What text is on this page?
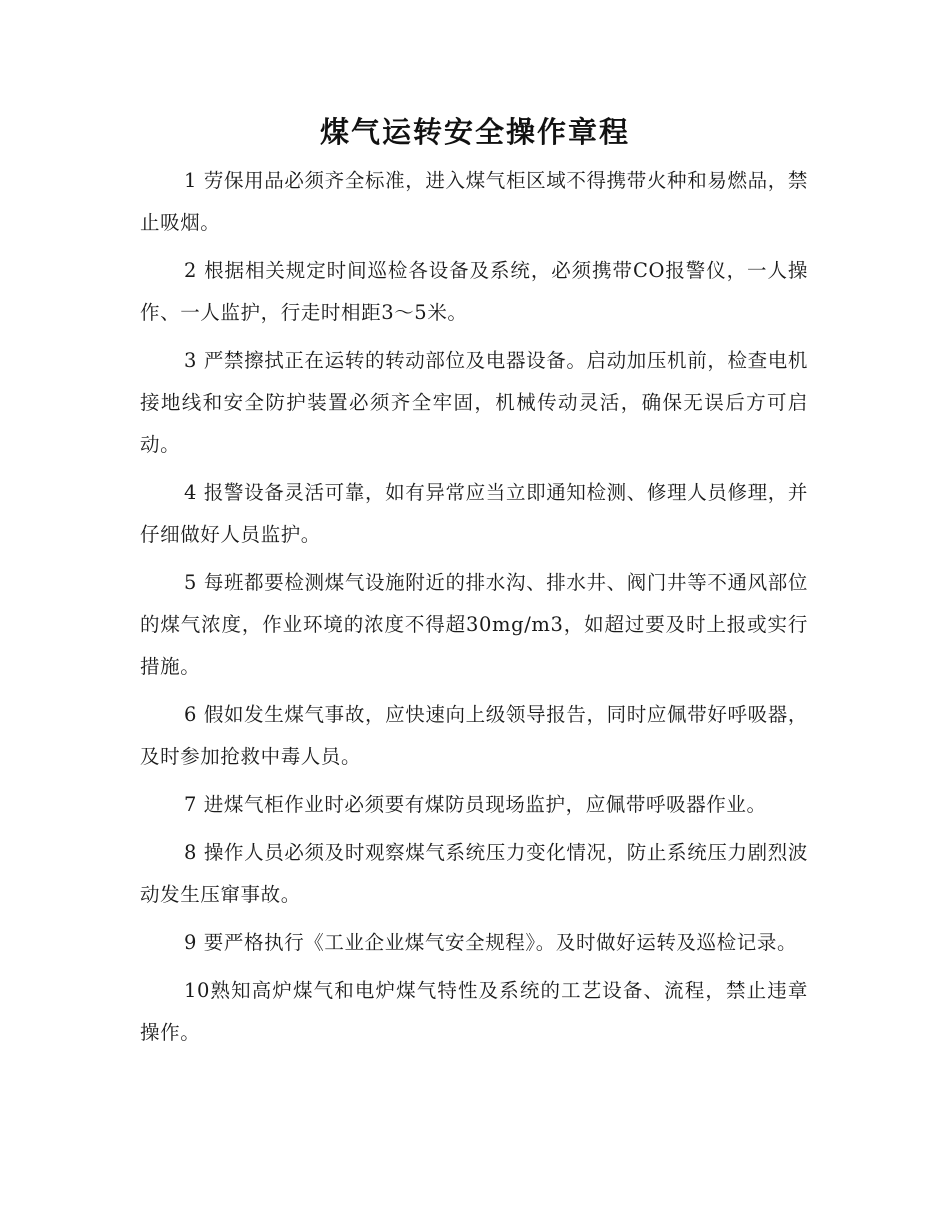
煤气运转安全操作章程

1 劳保用品必须齐全标准，进入煤气柜区域不得携带火种和易燃品，禁止吸烟。

2 根据相关规定时间巡检各设备及系统，必须携带CO报警仪，一人操作、一人监护，行走时相距3～5米。

3 严禁擦拭正在运转的转动部位及电器设备。启动加压机前，检查电机接地线和安全防护装置必须齐全牢固，机械传动灵活，确保无误后方可启动。

4 报警设备灵活可靠，如有异常应当立即通知检测、修理人员修理，并仔细做好人员监护。

5 每班都要检测煤气设施附近的排水沟、排水井、阀门井等不通风部位的煤气浓度，作业环境的浓度不得超30mg/m3，如超过要及时上报或实行措施。

6 假如发生煤气事故，应快速向上级领导报告，同时应佩带好呼吸器，及时参加抢救中毒人员。

7 进煤气柜作业时必须要有煤防员现场监护，应佩带呼吸器作业。

8 操作人员必须及时观察煤气系统压力变化情况，防止系统压力剧烈波动发生压窜事故。

9 要严格执行《工业企业煤气安全规程》。及时做好运转及巡检记录。

10熟知高炉煤气和电炉煤气特性及系统的工艺设备、流程，禁止违章操作。
